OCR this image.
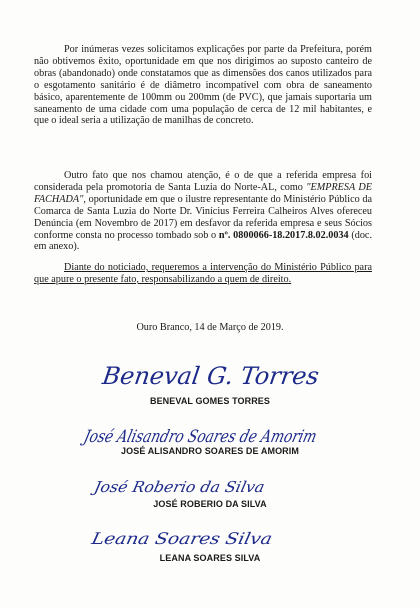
Por inúmeras vezes solicitamos explicações por parte da Prefeitura, porém não obtivemos êxito, oportunidade em que nos dirigimos ao suposto canteiro de obras (abandonado) onde constatamos que as dimensões dos canos utilizados para o esgotamento sanitário é de diâmetro incompatível com obra de saneamento básico, aparentemente de 100mm ou 200mm (de PVC), que jamais suportaria um saneamento de uma cidade com uma população de cerca de 12 mil habitantes, e que o ideal seria a utilização de manilhas de concreto.

Outro fato que nos chamou atenção, é o de que a referida empresa foi considerada pela promotoria de Santa Luzia do Norte-AL, como "EMPRESA DE FACHADA", oportunidade em que o ilustre representante do Ministério Público da Comarca de Santa Luzia do Norte Dr. Vinícius Ferreira Calheiros Alves ofereceu Denúncia (em Novembro de 2017) em desfavor da referida empresa e seus Sócios conforme consta no processo tombado sob o nº. 0800066-18.2017.8.02.0034 (doc. em anexo).

Diante do noticiado, requeremos a intervenção do Ministério Público para que apure o presente fato, responsabilizando a quem de direito.

Ouro Branco, 14 de Março de 2019.
Beneval G. Torres
BENEVAL GOMES TORRES
José Alisandro Soares de Amorim
JOSÉ ALISANDRO SOARES DE AMORIM
José Roberio da Silva
JOSÉ ROBERIO DA SILVA
Leana Soares Silva
LEANA SOARES SILVA
